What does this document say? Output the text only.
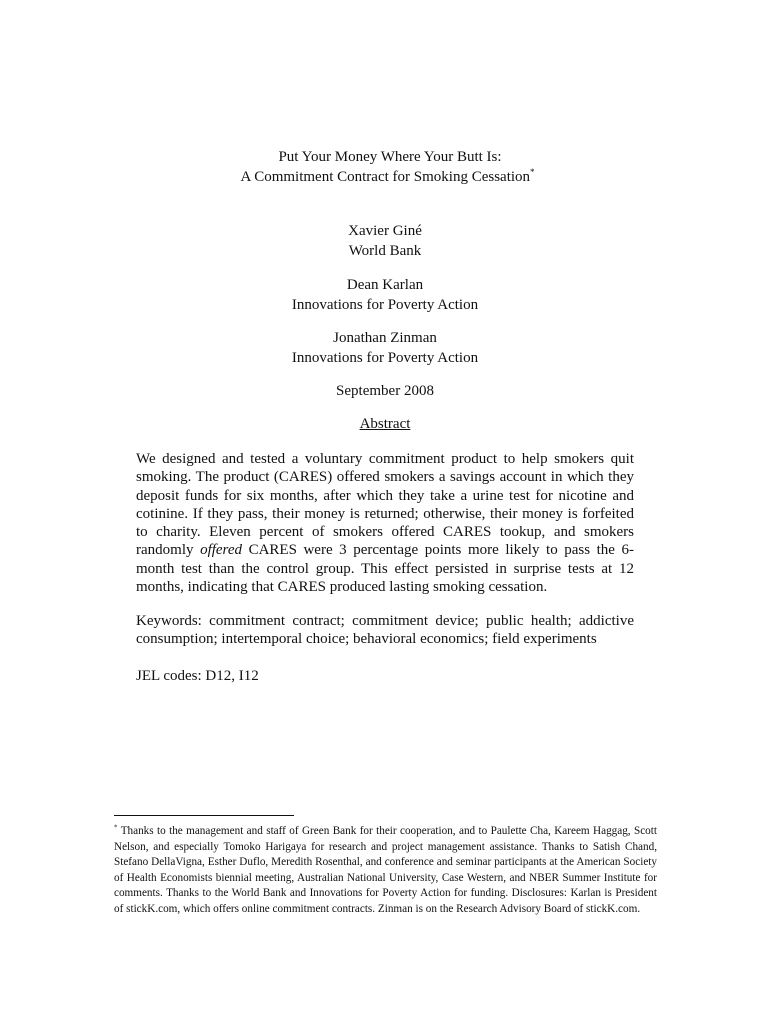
Put Your Money Where Your Butt Is:
A Commitment Contract for Smoking Cessation*
Xavier Giné
World Bank
Dean Karlan
Innovations for Poverty Action
Jonathan Zinman
Innovations for Poverty Action
September 2008
Abstract

We designed and tested a voluntary commitment product to help smokers quit smoking. The product (CARES) offered smokers a savings account in which they deposit funds for six months, after which they take a urine test for nicotine and cotinine. If they pass, their money is returned; otherwise, their money is forfeited to charity. Eleven percent of smokers offered CARES tookup, and smokers randomly offered CARES were 3 percentage points more likely to pass the 6-month test than the control group. This effect persisted in surprise tests at 12 months, indicating that CARES produced lasting smoking cessation.

Keywords: commitment contract; commitment device; public health; addictive consumption; intertemporal choice; behavioral economics; field experiments

JEL codes: D12, I12

* Thanks to the management and staff of Green Bank for their cooperation, and to Paulette Cha, Kareem Haggag, Scott Nelson, and especially Tomoko Harigaya for research and project management assistance. Thanks to Satish Chand, Stefano DellaVigna, Esther Duflo, Meredith Rosenthal, and conference and seminar participants at the American Society of Health Economists biennial meeting, Australian National University, Case Western, and NBER Summer Institute for comments. Thanks to the World Bank and Innovations for Poverty Action for funding. Disclosures: Karlan is President of stickK.com, which offers online commitment contracts. Zinman is on the Research Advisory Board of stickK.com.
